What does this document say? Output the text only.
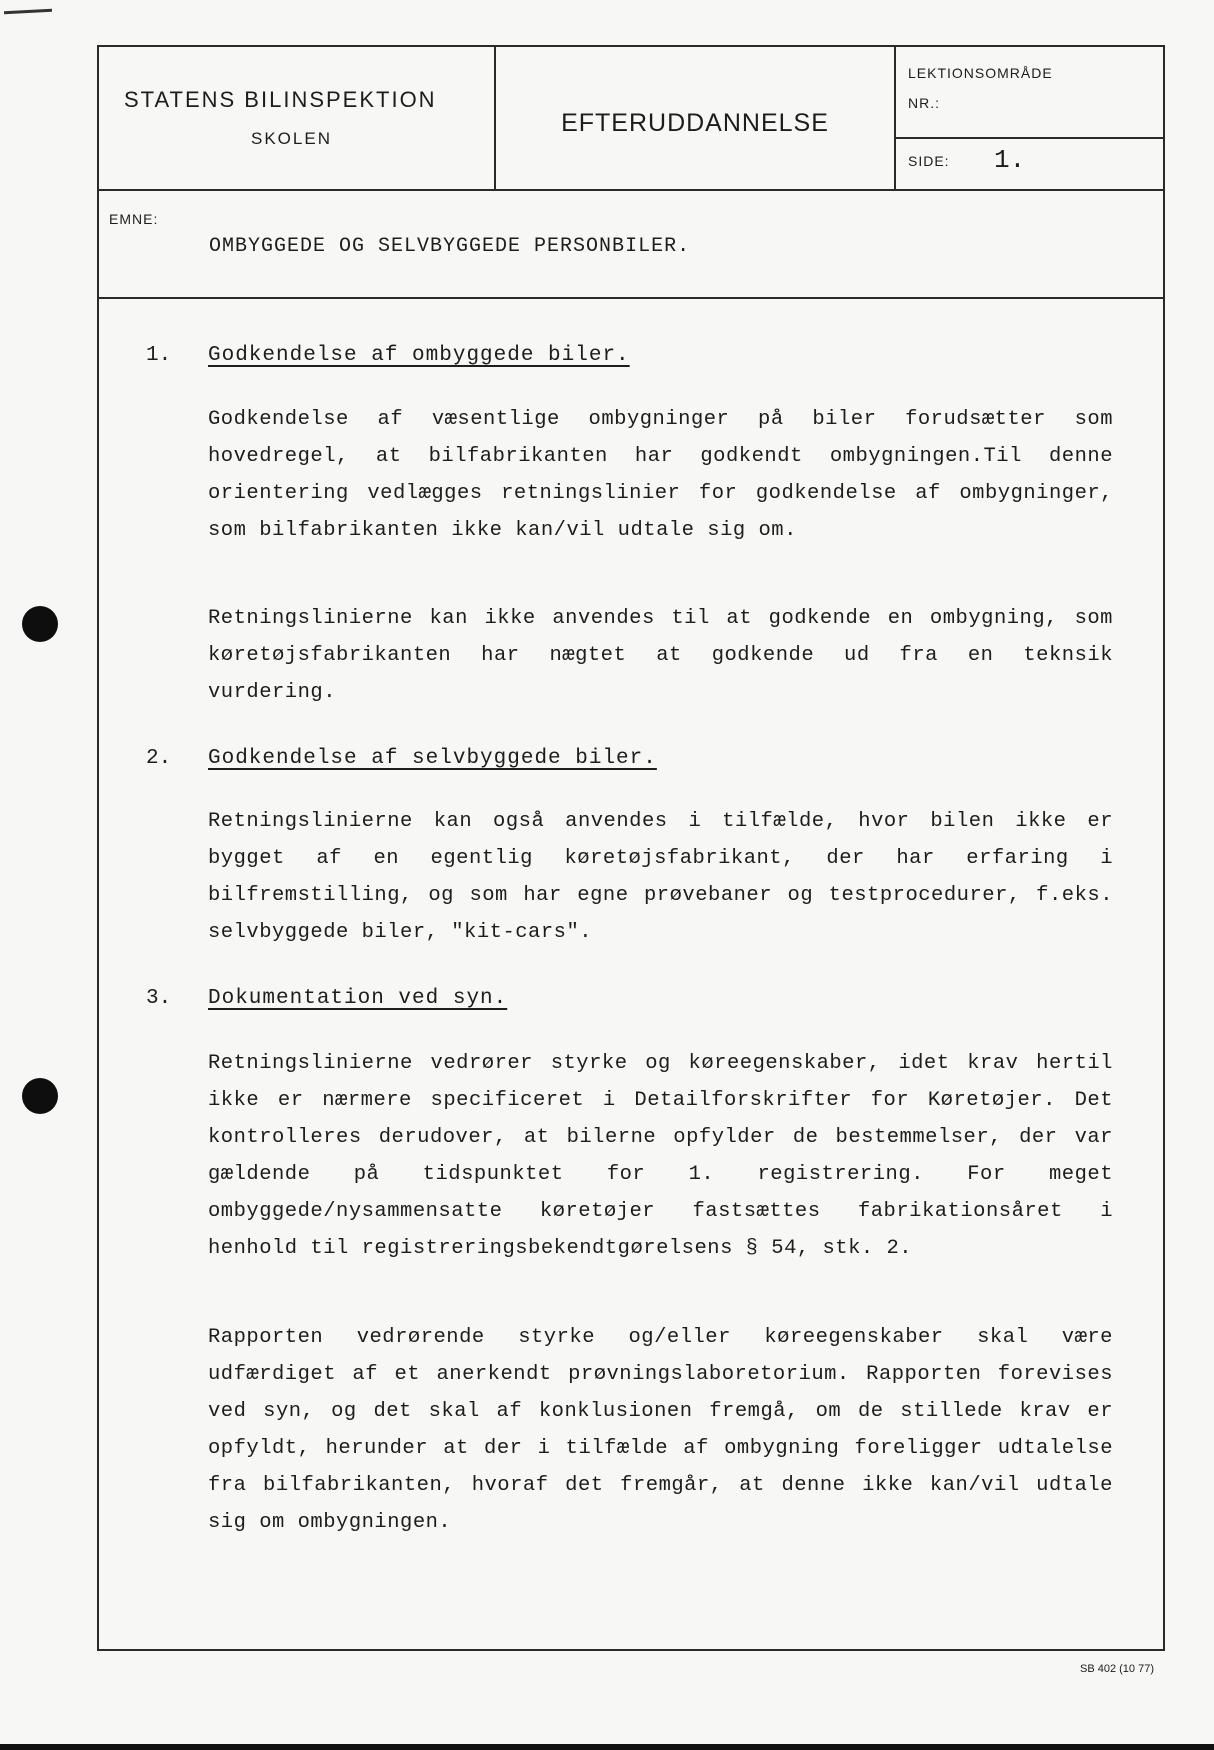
STATENS BILINSPEKTION
SKOLEN
EFTERUDDANNELSE
LEKTIONSOMRÅDE
NR.:
SIDE: 1.
EMNE:
OMBYGGEDE OG SELVBYGGEDE PERSONBILER.
1. Godkendelse af ombyggede biler.
Godkendelse af væsentlige ombygninger på biler forudsætter som hovedregel, at bilfabrikanten har godkendt ombygningen.Til denne orientering vedlægges retningslinier for godkendelse af ombygninger, som bilfabrikanten ikke kan/vil udtale sig om.
Retningslinierne kan ikke anvendes til at godkende en ombygning, som køretøjsfabrikanten har nægtet at godkende ud fra en teknsik vurdering.
2. Godkendelse af selvbyggede biler.
Retningslinierne kan også anvendes i tilfælde, hvor bilen ikke er bygget af en egentlig køretøjsfabrikant, der har erfaring i bilfremstilling, og som har egne prøvebaner og testprocedurer, f.eks. selvbyggede biler, "kit-cars".
3. Dokumentation ved syn.
Retningslinierne vedrører styrke og køreegenskaber, idet krav hertil ikke er nærmere specificeret i Detailforskrifter for Køretøjer. Det kontrolleres derudover, at bilerne opfylder de bestemmelser, der var gældende på tidspunktet for 1. registrering. For meget ombyggede/nysammensatte køretøjer fastsættes fabrikationsåret i henhold til registreringsbekendtgørelsens § 54, stk. 2.
Rapporten vedrørende styrke og/eller køreegenskaber skal være udfærdiget af et anerkendt prøvningslaboretorium. Rapporten forevises ved syn, og det skal af konklusionen fremgå, om de stillede krav er opfyldt, herunder at der i tilfælde af ombygning foreligger udtalelse fra bilfabrikanten, hvoraf det fremgår, at denne ikke kan/vil udtale sig om ombygningen.
SB 402 (10 77)
